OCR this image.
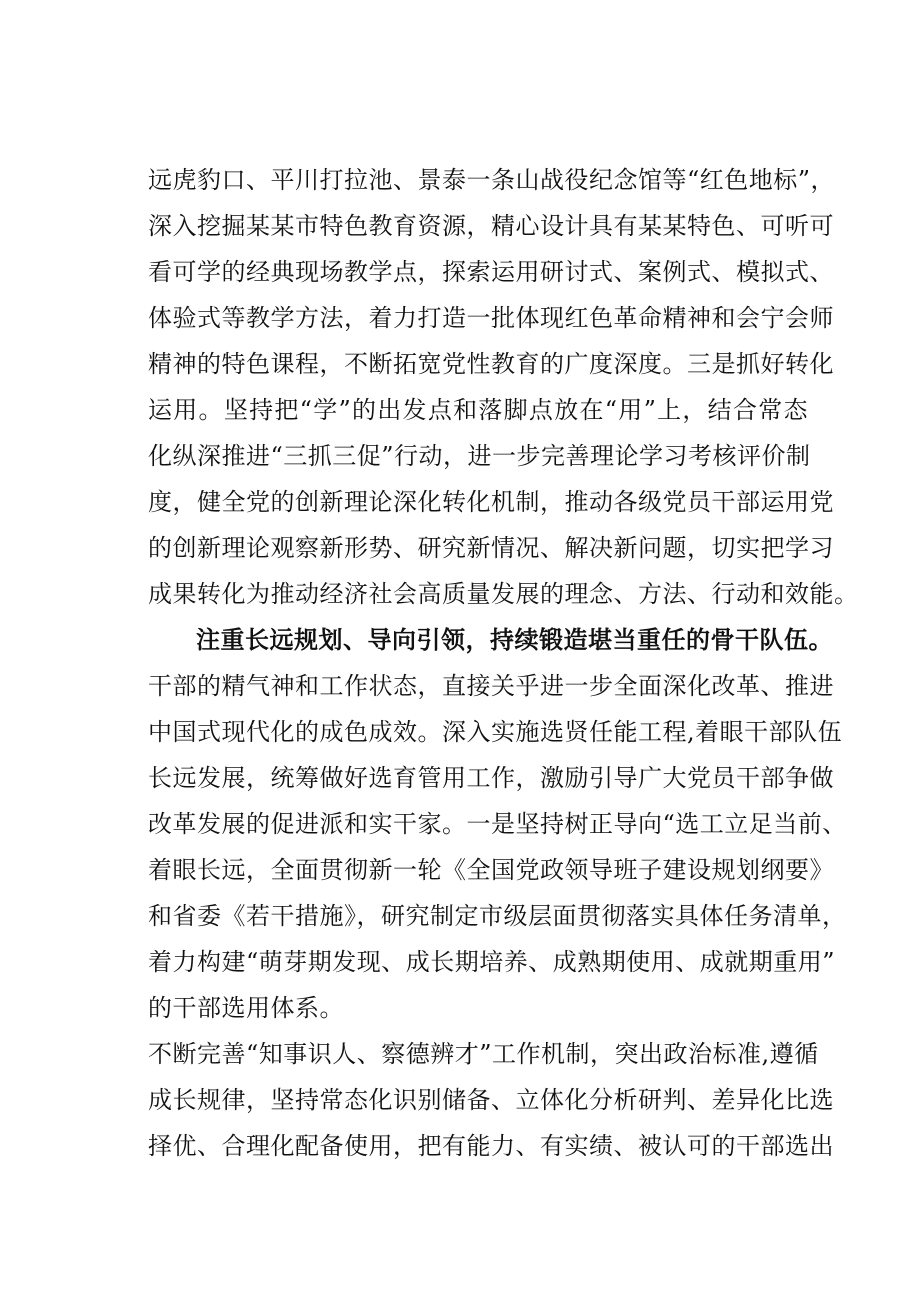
远虎豹口、平川打拉池、景泰一条山战役纪念馆等“红色地标”，
深入挖掘某某市特色教育资源，精心设计具有某某特色、可听可
看可学的经典现场教学点，探索运用研讨式、案例式、模拟式、
体验式等教学方法，着力打造一批体现红色革命精神和会宁会师
精神的特色课程，不断拓宽党性教育的广度深度。三是抓好转化
运用。坚持把“学”的出发点和落脚点放在“用”上，结合常态
化纵深推进“三抓三促”行动，进一步完善理论学习考核评价制
度，健全党的创新理论深化转化机制，推动各级党员干部运用党
的创新理论观察新形势、研究新情况、解决新问题，切实把学习
成果转化为推动经济社会高质量发展的理念、方法、行动和效能。
注重长远规划、导向引领，持续锻造堪当重任的骨干队伍。
干部的精气神和工作状态，直接关乎进一步全面深化改革、推进
中国式现代化的成色成效。深入实施选贤任能工程,着眼干部队伍
长远发展，统筹做好选育管用工作，激励引导广大党员干部争做
改革发展的促进派和实干家。一是坚持树正导向“选工立足当前、
着眼长远，全面贯彻新一轮《全国党政领导班子建设规划纲要》
和省委《若干措施》，研究制定市级层面贯彻落实具体任务清单，
着力构建“萌芽期发现、成长期培养、成熟期使用、成就期重用”
的干部选用体系。
不断完善“知事识人、察德辨才”工作机制，突出政治标准,遵循
成长规律，坚持常态化识别储备、立体化分析研判、差异化比选
择优、合理化配备使用，把有能力、有实绩、被认可的干部选出
